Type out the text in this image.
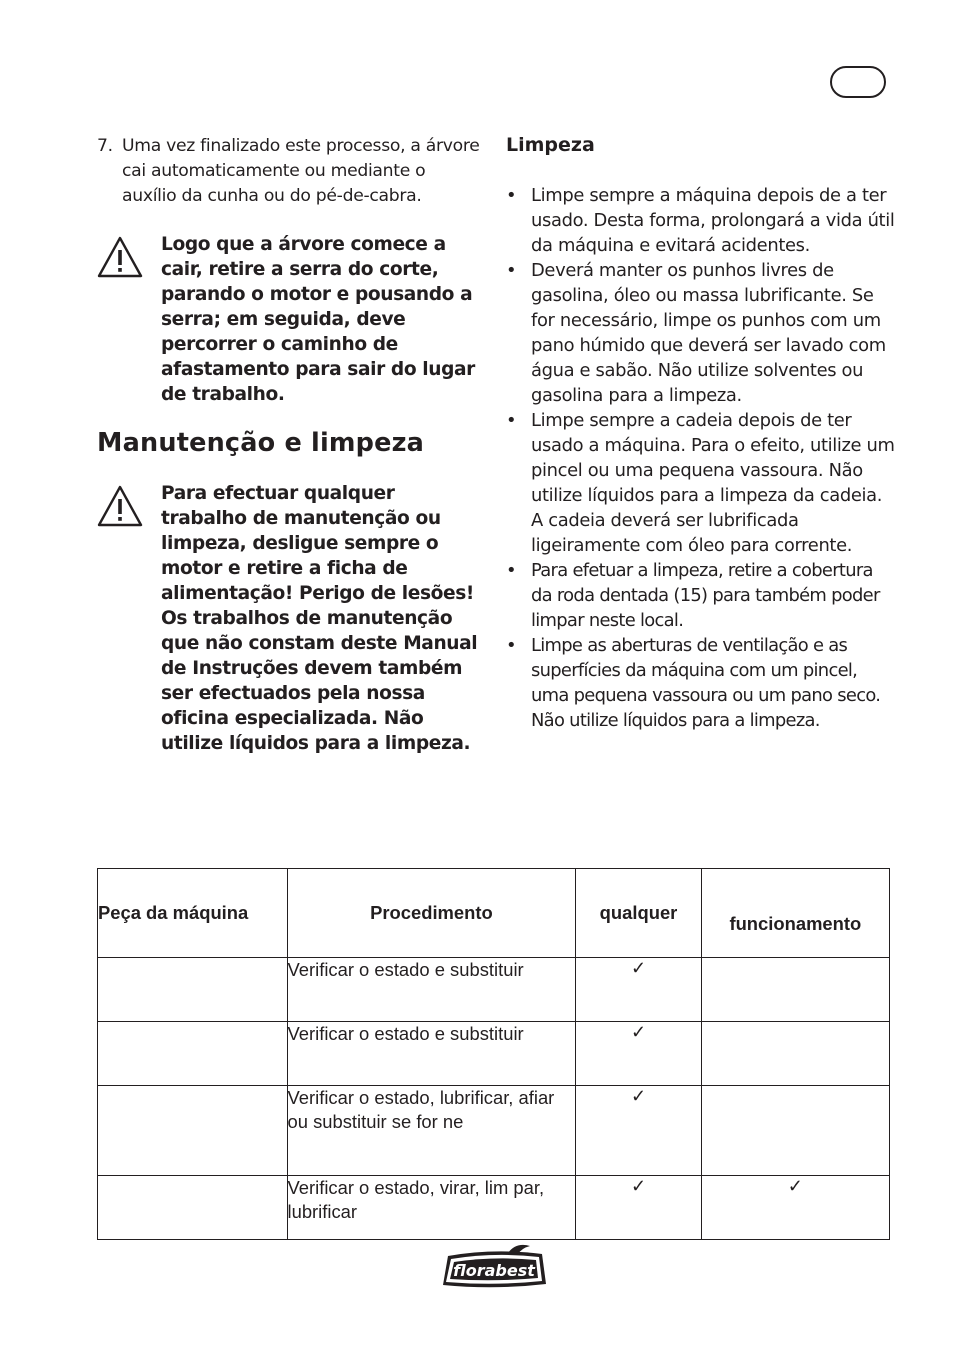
7. Uma vez finalizado este processo, a árvore cai automaticamente ou mediante o auxílio da cunha ou do pé-de-cabra.
Logo que a árvore comece a cair, retire a serra do corte, parando o motor e pousando a serra; em seguida, deve percorrer o caminho de afastamento para sair do lugar de trabalho.
Manutenção e limpeza
Para efectuar qualquer trabalho de manutenção ou limpeza, desligue sempre o motor e retire a ficha de alimentação! Perigo de lesões! Os trabalhos de manutenção que não constam deste Manual de Instruções devem também ser efectuados pela nossa oficina especializada. Não utilize líquidos para a limpeza.
Limpeza
• Limpe sempre a máquina depois de a ter usado. Desta forma, prolongará a vida útil da máquina e evitará acidentes.
• Deverá manter os punhos livres de gasolina, óleo ou massa lubrificante. Se for necessário, limpe os punhos com um pano húmido que deverá ser lavado com água e sabão. Não utilize solventes ou gasolina para a limpeza.
• Limpe sempre a cadeia depois de ter usado a máquina. Para o efeito, utilize um pincel ou uma pequena vassoura. Não utilize líquidos para a limpeza da cadeia. A cadeia deverá ser lubrificada ligeiramente com óleo para corrente.
• Para efetuar a limpeza, retire a cobertura da roda dentada (15) para também poder limpar neste local.
• Limpe as aberturas de ventilação e as superfícies da máquina com um pincel, uma pequena vassoura ou um pano seco. Não utilize líquidos para a limpeza.
Peça da máquina	Procedimento	qualquer	funcionamento
	Verificar o estado e substituir	✓	
	Verificar o estado e substituir	✓	
	Verificar o estado, lubrificar, afiar ou substituir se for ne	✓	
	Verificar o estado, virar, lim par, lubrificar	✓	✓
florabest
